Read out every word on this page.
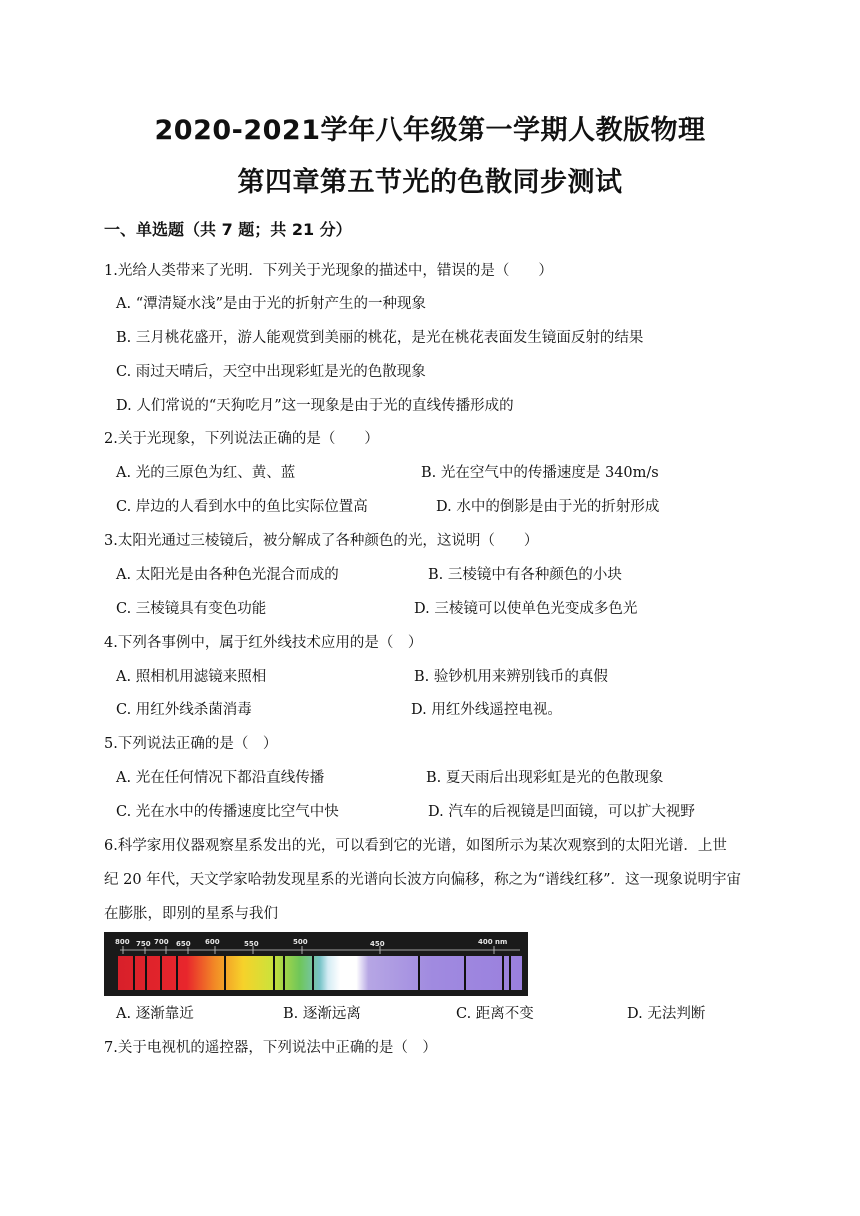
2020-2021学年八年级第一学期人教版物理
第四章第五节光的色散同步测试
一、单选题（共 7 题；共 21 分）
1.光给人类带来了光明．下列关于光现象的描述中，错误的是（　　）
A. “潭清疑水浅”是由于光的折射产生的一种现象
B. 三月桃花盛开，游人能观赏到美丽的桃花，是光在桃花表面发生镜面反射的结果
C. 雨过天晴后，天空中出现彩虹是光的色散现象
D. 人们常说的“天狗吃月”这一现象是由于光的直线传播形成的
2.关于光现象，下列说法正确的是（　　）
A. 光的三原色为红、黄、蓝	B. 光在空气中的传播速度是 340m/s
C. 岸边的人看到水中的鱼比实际位置高	D. 水中的倒影是由于光的折射形成
3.太阳光通过三棱镜后，被分解成了各种颜色的光，这说明（　　）
A. 太阳光是由各种色光混合而成的	B. 三棱镜中有各种颜色的小块
C. 三棱镜具有变色功能	D. 三棱镜可以使单色光变成多色光
4.下列各事例中，属于红外线技术应用的是（　）
A. 照相机用滤镜来照相	B. 验钞机用来辨别钱币的真假
C. 用红外线杀菌消毒	D. 用红外线遥控电视。
5.下列说法正确的是（　）
A. 光在任何情况下都沿直线传播	B. 夏天雨后出现彩虹是光的色散现象
C. 光在水中的传播速度比空气中快	D. 汽车的后视镜是凹面镜，可以扩大视野
6.科学家用仪器观察星系发出的光，可以看到它的光谱，如图所示为某次观察到的太阳光谱．上世
纪 20 年代，天文学家哈勃发现星系的光谱向长波方向偏移，称之为“谱线红移”．这一现象说明宇宙
在膨胀，即别的星系与我们
800 750 700 650 600	550	500	450	400 nm
A. 逐渐靠近	B. 逐渐远离	C. 距离不变	D. 无法判断
7.关于电视机的遥控器，下列说法中正确的是（　）
